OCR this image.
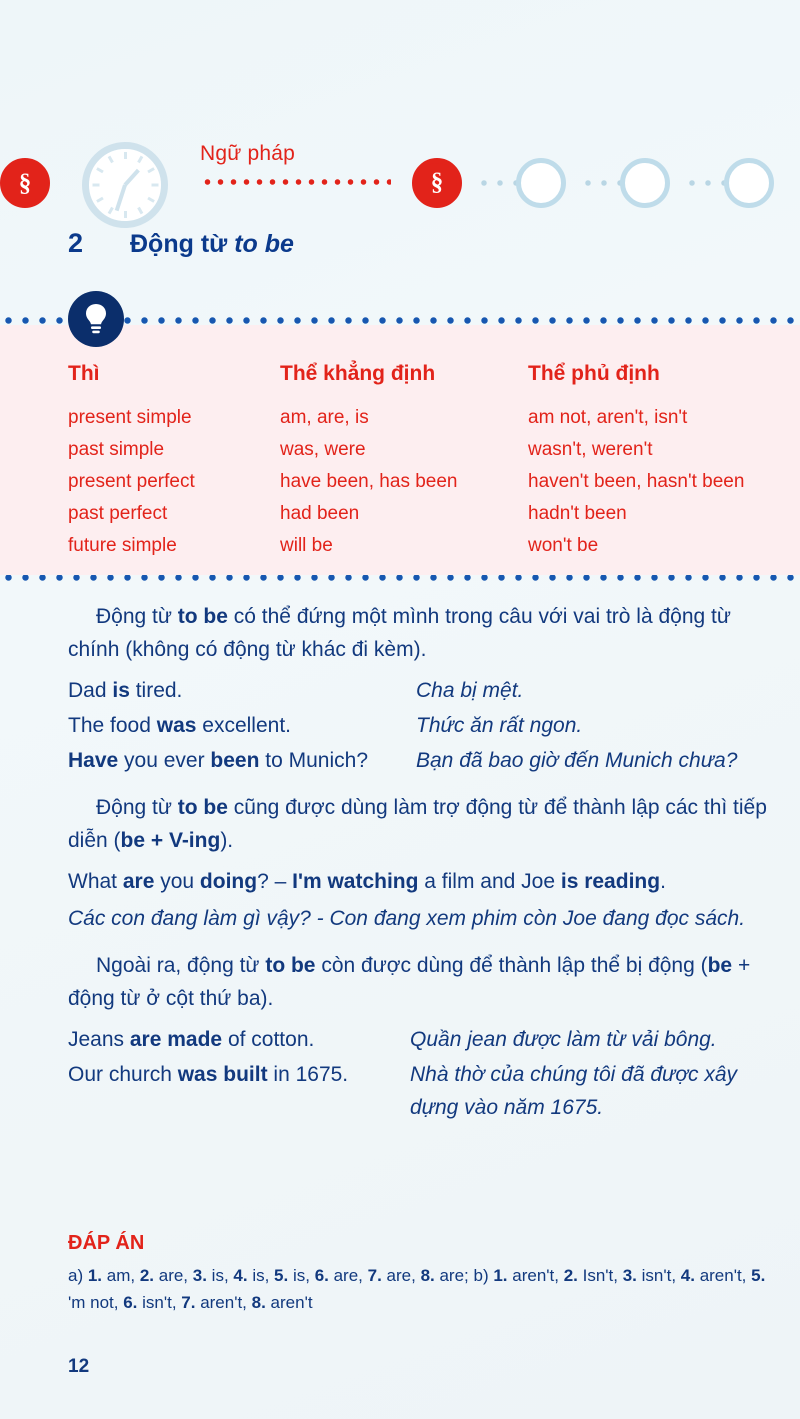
Ngữ pháp
§	§
2 Động từ to be
Thì	Thể khẳng định	Thể phủ định
present simple	am, are, is	am not, aren't, isn't
past simple	was, were	wasn't, weren't
present perfect	have been, has been	haven't been, hasn't been
past perfect	had been	hadn't been
future simple	will be	won't be

Động từ to be có thể đứng một mình trong câu với vai trò là động từ chính (không có động từ khác đi kèm).

Dad is tired.	Cha bị mệt.
The food was excellent.	Thức ăn rất ngon.
Have you ever been to Munich?	Bạn đã bao giờ đến Munich chưa?

Động từ to be cũng được dùng làm trợ động từ để thành lập các thì tiếp diễn (be + V-ing).

What are you doing? – I'm watching a film and Joe is reading.

Các con đang làm gì vậy? - Con đang xem phim còn Joe đang đọc sách.

Ngoài ra, động từ to be còn được dùng để thành lập thể bị động (be + động từ ở cột thứ ba).

Jeans are made of cotton.	Quần jean được làm từ vải bông.
Our church was built in 1675.	Nhà thờ của chúng tôi đã được xây dựng vào năm 1675.
ĐÁP ÁN
a) 1. am, 2. are, 3. is, 4. is, 5. is, 6. are, 7. are, 8. are; b) 1. aren't, 2. Isn't, 3. isn't, 4. aren't, 5. 'm not, 6. isn't, 7. aren't, 8. aren't
12
